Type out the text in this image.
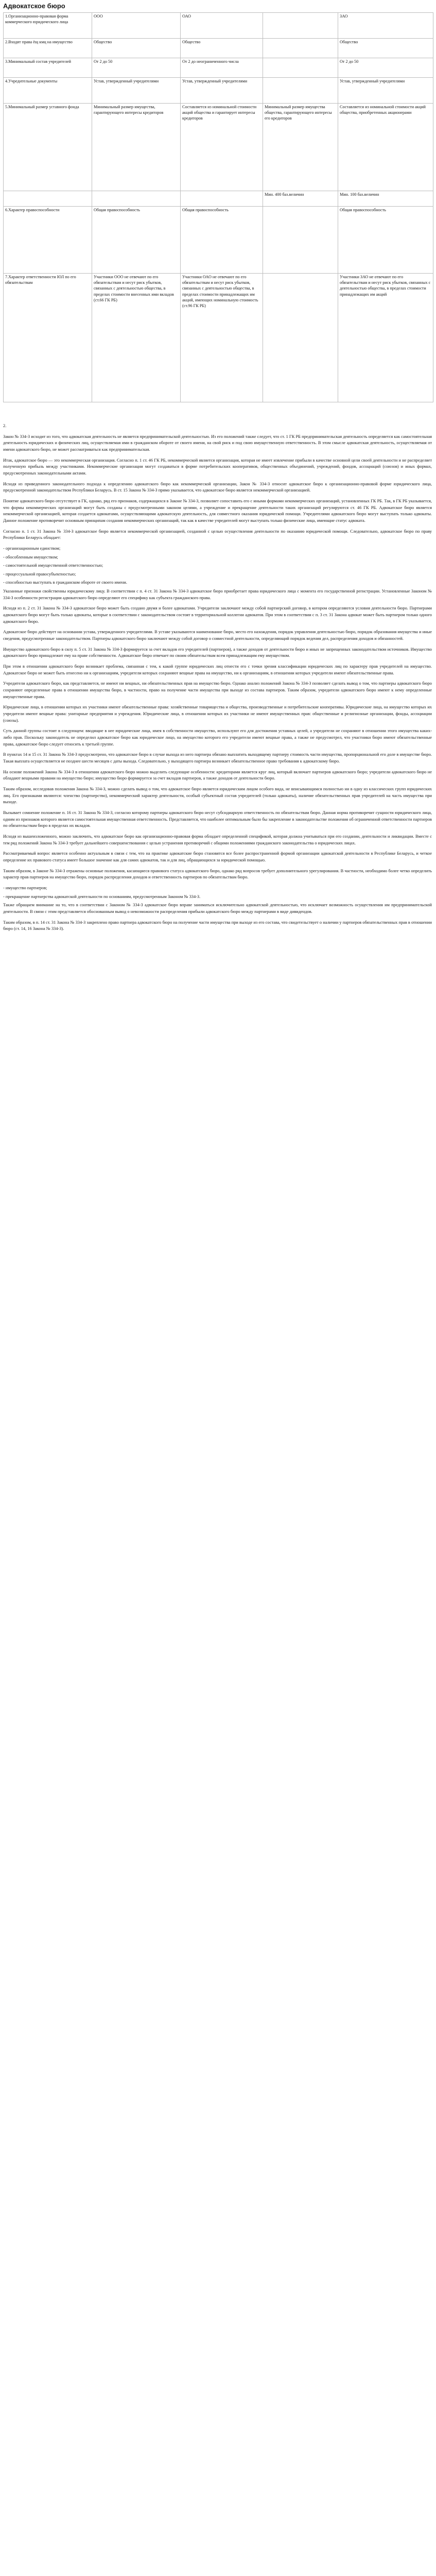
Адвокатское бюро
1.Организационно-правовая форма коммерческого юридического лица	ООО	ОАО		ЗАО
2.Входят права ёщ кмц на имущество	Общество	Общество		Общество
3.Минимальный состав учредителей	От 2 до 50	От 2 до неограниченного числа		От 2 до 50
4.Учредительные документы	Устав, утвержденный учредителями	Устав, утвержденный учредителями		Устав, утвержденный учредителями
5.Минимальный размер уставного фонда	Минимальный размер имущества, гарантирующего интересы кредиторов	Составляется из номинальной стоимости акций общества и гарантирует интересы кредиторов	Минимальный размер имущества общества, гарантирующего интересы его кредиторов	Составляется из номинальной стоимости акций общества, приобретенных акционерами
			Мин. 400 баз.величин	Мин. 100 баз.величин
6.Характер правоспособности	Общая правоспособность	Общая правоспособность		Общая правоспособность
7.Характер ответственности ЮЛ по его обязательствам	Участники ООО не отвечают по его обязательствам и несут риск убытков, связанных с деятельностью общества, в пределах стоимости внесенных ими вкладов (ст.66 ГК РБ)	Участники ОАО не отвечают по его обязательствам и несут риск убытков, связанных с деятельностью общества, в пределах стоимости принадлежащих им акций, имеющих номинальную стоимость (ст.96 ГК РБ)		Участники ЗАО не отвечают по его обязательствам и несут риск убытков, связанных с деятельностью общества, в пределах стоимости принадлежащих им акций

2.

Закон № 334-З исходит из того, что адвокатская деятельность не является предпринимательской деятельностью. Из его положений также следует, что ст. 1 ГК РБ предпринимательская деятельность определяется как самостоятельная деятельность юридических и физических лиц, осуществляемая ими в гражданском обороте от своего имени, на свой риск и под свою имущественную ответственность. В этом смысле адвокатская деятельность, осуществляемая от имени адвокатского бюро, не может рассматриваться как предпринимательская.

Итак, адвокатское бюро — это некоммерческая организация. Согласно п. 1 ст. 46 ГК РБ, некоммерческой является организация, которая не имеет извлечение прибыли в качестве основной цели своей деятельности и не распределяет полученную прибыль между участниками. Некоммерческие организации могут создаваться в форме потребительских кооперативов, общественных объединений, учреждений, фондов, ассоциаций (союзов) и иных формах, предусмотренных законодательными актами.

Исходя из приведенного законодательного подхода к определению адвокатского бюро как некоммерческой организации, Закон № 334-З относит адвокатское бюро к организационно-правовой форме юридического лица, предусмотренной законодательством Республики Беларусь. В ст. 15 Закона № 334-З прямо указывается, что адвокатское бюро является некоммерческой организацией.

Понятие адвокатского бюро отсутствует в ГК, однако, ряд его признаков, содержащихся в Законе № 334-З, позволяет сопоставить его с иными формами некоммерческих организаций, установленных ГК РБ. Так, в ГК РБ указывается, что формы некоммерческих организаций могут быть созданы с предусмотренными законом целями, а учреждение и прекращение деятельности таких организаций регулируются ст. 46 ГК РБ. Адвокатское бюро является некоммерческой организацией, которая создается адвокатами, осуществляющими адвокатскую деятельность, для совместного оказания юридической помощи. Учредителями адвокатского бюро могут выступать только адвокаты. Данное положение противоречит основным принципам создания некоммерческих организаций, так как в качестве учредителей могут выступать только физические лица, имеющие статус адвоката.

Согласно п. 1 ст. 31 Закона № 334-З адвокатское бюро является некоммерческой организацией, созданной с целью осуществления деятельности по оказанию юридической помощи. Следовательно, адвокатское бюро по праву Республики Беларусь обладает:

- организационным единством;

- обособленным имуществом;

- самостоятельной имущественной ответственностью;

- процессуальной правосубъектностью;

- способностью выступать в гражданском обороте от своего имени.

Указанные признаки свойственны юридическому лицу. В соответствии с п. 4 ст. 31 Закона № 334-З адвокатское бюро приобретает права юридического лица с момента его государственной регистрации. Установленные Законом № 334-З особенности регистрации адвокатского бюро определяют его специфику как субъекта гражданского права.

Исходя из п. 2 ст. 31 Закона № 334-З адвокатское бюро может быть создано двумя и более адвокатами. Учредители заключают между собой партнерский договор, в котором определяются условия деятельности бюро. Партнерами адвокатского бюро могут быть только адвокаты, которые в соответствии с законодательством состоят в территориальной коллегии адвокатов. При этом в соответствии с п. 3 ст. 31 Закона адвокат может быть партнером только одного адвокатского бюро.

Адвокатское бюро действует на основании устава, утвержденного учредителями. В уставе указываются наименование бюро, место его нахождения, порядок управления деятельностью бюро, порядок образования имущества и иные сведения, предусмотренные законодательством. Партнеры адвокатского бюро заключают между собой договор о совместной деятельности, определяющий порядок ведения дел, распределения доходов и обязанностей.

Имущество адвокатского бюро в силу п. 5 ст. 31 Закона № 334-З формируется за счет вкладов его учредителей (партнеров), а также доходов от деятельности бюро и иных не запрещенных законодательством источников. Имущество адвокатского бюро принадлежит ему на праве собственности. Адвокатское бюро отвечает по своим обязательствам всем принадлежащим ему имуществом.

При этом в отношении адвокатского бюро возникает проблема, связанная с тем, к какой группе юридических лиц отнести его с точки зрения классификации юридических лиц по характеру прав учредителей на имущество. Адвокатское бюро не может быть отнесено ни к организациям, учредители которых сохраняют вещные права на имущество, ни к организациям, в отношении которых учредители имеют обязательственные права.

Учредители адвокатского бюро, как представляется, не имеют ни вещных, ни обязательственных прав на имущество бюро. Однако анализ положений Закона № 334-З позволяет сделать вывод о том, что партнеры адвокатского бюро сохраняют определенные права в отношении имущества бюро, в частности, право на получение части имущества при выходе из состава партнеров. Таким образом, учредители адвокатского бюро имеют к нему определенные имущественные права.

Юридические лица, в отношении которых их участники имеют обязательственные права: хозяйственные товарищества и общества, производственные и потребительские кооперативы. Юридические лица, на имущество которых их учредители имеют вещные права: унитарные предприятия и учреждения. Юридические лица, в отношении которых их участники не имеют имущественных прав: общественные и религиозные организации, фонды, ассоциации (союзы).

Суть данной группы состоит в следующем: вводящие в нее юридические лица, имея в собственности имущество, используют его для достижения уставных целей, а учредители не сохраняют в отношении этого имущества каких-либо прав. Поскольку законодатель не определил адвокатское бюро как юридическое лицо, на имущество которого его учредители имеют вещные права, а также не предусмотрел, что участники бюро имеют обязательственные права, адвокатское бюро следует относить к третьей группе.

В пунктах 14 и 15 ст. 31 Закона № 334-З предусмотрено, что адвокатское бюро в случае выхода из него партнера обязано выплатить выходящему партнеру стоимость части имущества, пропорциональной его доле в имуществе бюро. Такая выплата осуществляется не позднее шести месяцев с даты выхода. Следовательно, у выходящего партнера возникает обязательственное право требования к адвокатскому бюро.

На основе положений Закона № 334-З в отношении адвокатского бюро можно выделить следующие особенности: кредиторами является круг лиц, который включает партнеров адвокатского бюро; учредители адвокатского бюро не обладают вещными правами на имущество бюро; имущество бюро формируется за счет вкладов партнеров, а также доходов от деятельности бюро.

Таким образом, исследовав положения Закона № 334-З, можно сделать вывод о том, что адвокатское бюро является юридическим лицом особого вида, не вписывающимся полностью ни в одну из классических групп юридических лиц. Его признаками являются: членство (партнерство), некоммерческий характер деятельности, особый субъектный состав учредителей (только адвокаты), наличие обязательственных прав учредителей на часть имущества при выходе.

Вызывает сомнение положение п. 16 ст. 31 Закона № 334-З, согласно которому партнеры адвокатского бюро несут субсидиарную ответственность по обязательствам бюро. Данная норма противоречит сущности юридического лица, одним из признаков которого является самостоятельная имущественная ответственность. Представляется, что наиболее оптимальным было бы закрепление в законодательстве положения об ограниченной ответственности партнеров по обязательствам бюро в пределах их вкладов.

Исходя из вышеизложенного, можно заключить, что адвокатское бюро как организационно-правовая форма обладает определенной спецификой, которая должна учитываться при его создании, деятельности и ликвидации. Вместе с тем ряд положений Закона № 334-З требует дальнейшего совершенствования с целью устранения противоречий с общими положениями гражданского законодательства о юридических лицах.

Рассматриваемый вопрос является особенно актуальным в связи с тем, что на практике адвокатские бюро становятся все более распространенной формой организации адвокатской деятельности в Республике Беларусь, и четкое определение их правового статуса имеет большое значение как для самих адвокатов, так и для лиц, обращающихся за юридической помощью.

Таким образом, в Законе № 334-З отражены основные положения, касающиеся правового статуса адвокатского бюро, однако ряд вопросов требует дополнительного урегулирования. В частности, необходимо более четко определить характер прав партнеров на имущество бюро, порядок распределения доходов и ответственность партнеров по обязательствам бюро.

- имущество партнеров;

- прекращение партнерства адвокатской деятельности по основаниям, предусмотренным Законом № 334-З.

Также обращаем внимание на то, что в соответствии с Законом № 334-З адвокатское бюро вправе заниматься исключительно адвокатской деятельностью, что исключает возможность осуществления им предпринимательской деятельности. В связи с этим представляется обоснованным вывод о невозможности распределения прибыли адвокатского бюро между партнерами в виде дивидендов.

Таким образом, в п. 14 ст. 31 Закона № 334-З закреплено право партнера адвокатского бюро на получение части имущества при выходе из его состава, что свидетельствует о наличии у партнеров обязательственных прав в отношении бюро (ст. 14, 16 Закона № 334-З).
